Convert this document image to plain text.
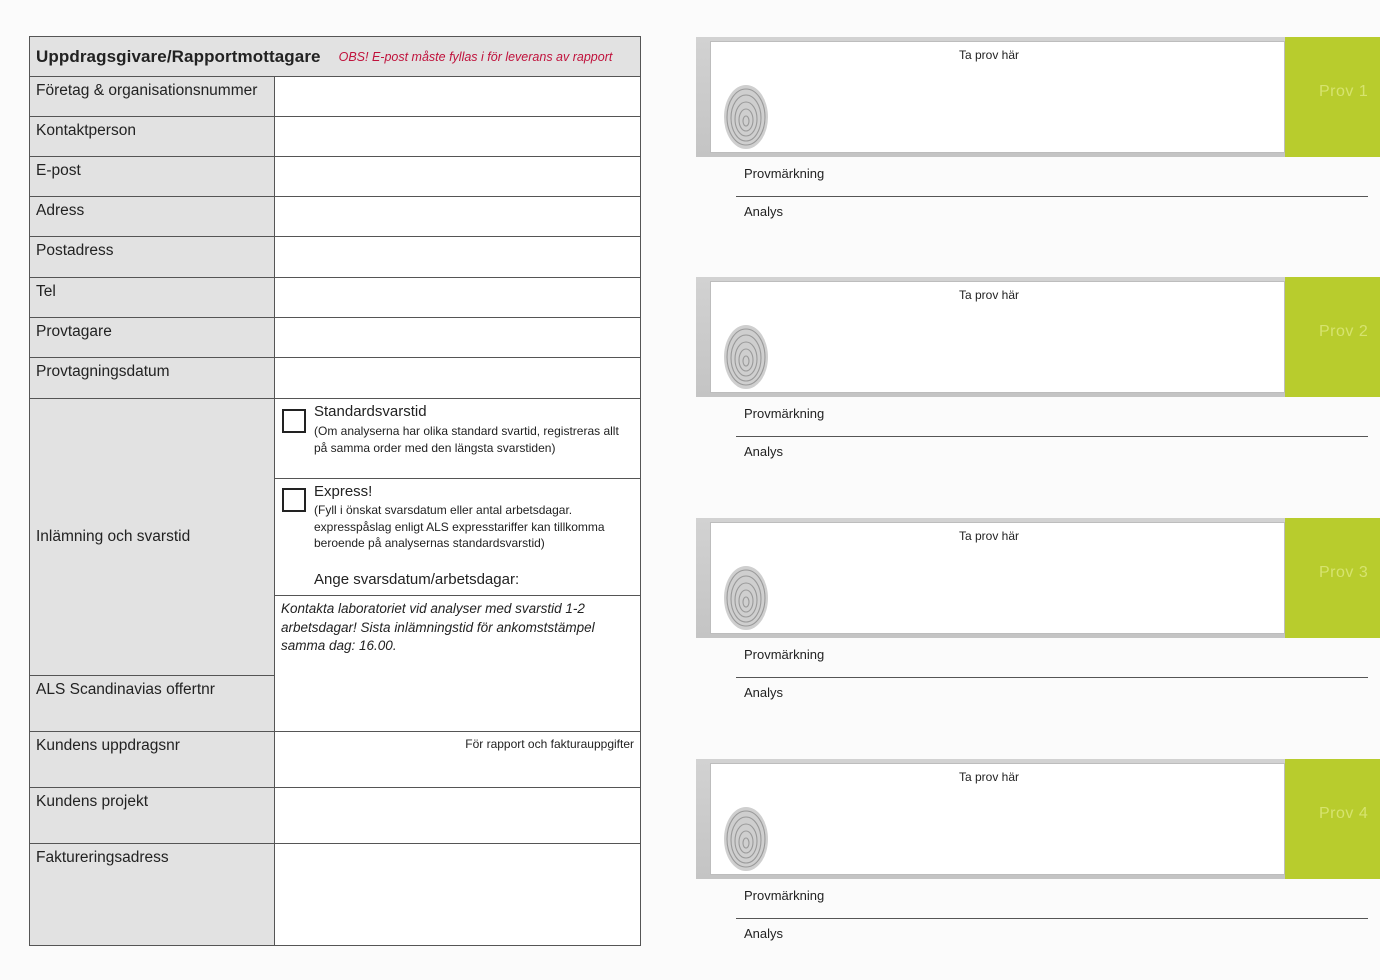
Uppdragsgivare/Rapportmottagare OBS! E-post måste fyllas i för leverans av rapport
Företag & organisationsnummer
Kontaktperson
E-post
Adress
Postadress
Tel
Provtagare
Provtagningsdatum
Inlämning och svarstid
Standardsvarstid
(Om analyserna har olika standard svartid, registreras allt på samma order med den längsta svarstiden)
Express!
(Fyll i önskat svarsdatum eller antal arbetsdagar. expresspåslag enligt ALS expresstariffer kan tillkomma beroende på analysernas standardsvarstid)
Ange svarsdatum/arbetsdagar:
Kontakta laboratoriet vid analyser med svarstid 1-2 arbetsdagar! Sista inlämningstid för ankomststämpel samma dag: 16.00.
ALS Scandinavias offertnr
Kundens uppdragsnr	För rapport och fakturauppgifter
Kundens projekt
Faktureringsadress
Ta prov här
Prov 1
Provmärkning
Analys
Ta prov här
Prov 2
Provmärkning
Analys
Ta prov här
Prov 3
Provmärkning
Analys
Ta prov här
Prov 4
Provmärkning
Analys
